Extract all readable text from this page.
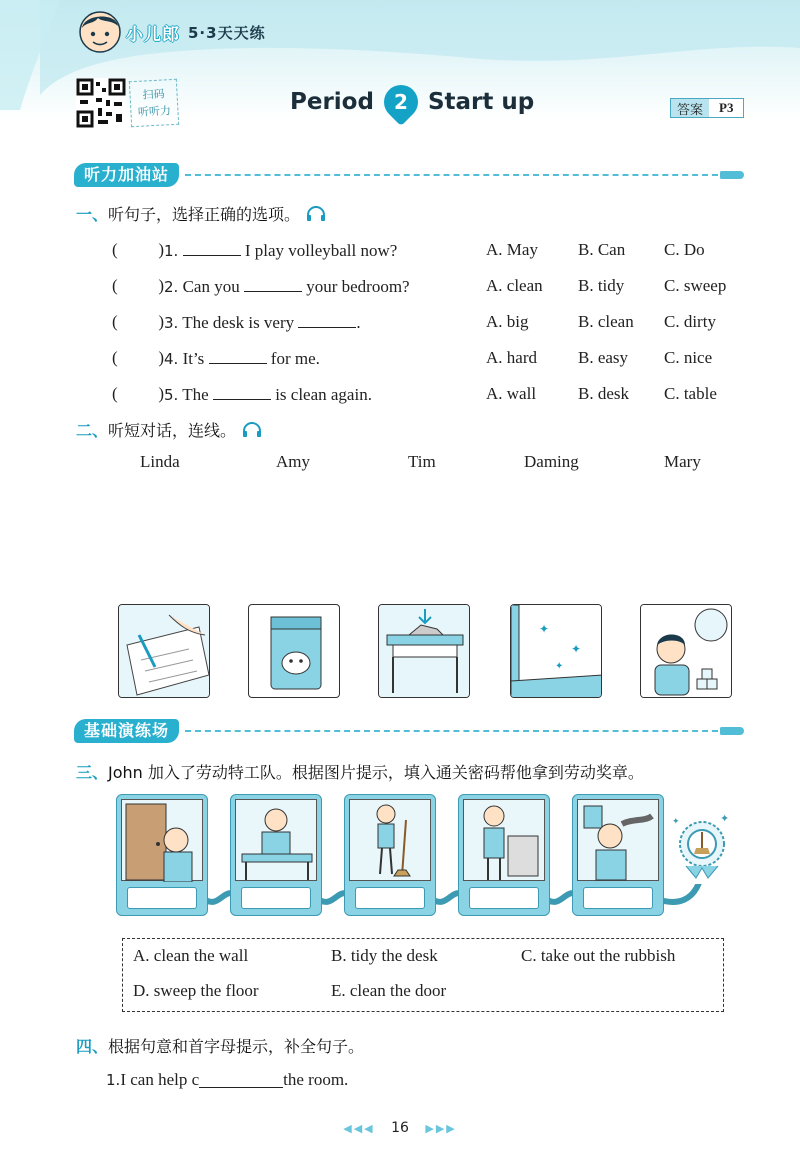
小儿郎 5·3天天练
扫码
听听力	Period 2 Start up	答案	P3
听力加油站
一、 听句子，选择正确的选项。
( ) 1.	I play volleyball now?	A. May B. Can C. Do
( ) 2. Can you	your bedroom?	A. clean B. tidy C. sweep
( ) 3. The desk is very	.	A. big	B. clean C. dirty
( ) 4. It’s	for me.	A. hard B. easy C. nice
( ) 5. The	is clean again.	A. wall B. desk C. table
二、 听短对话，连线。
Linda	Amy	Tim	Daming	Mary
✦
✦
✦
基础演练场
三、 John 加入了劳动特工队。根据图片提示，填入通关密码帮他拿到劳动奖章。
✦
✦
A. clean the wall	B. tidy the desk	C. take out the rubbish
D. sweep the floor	E. clean the door
四、 根据句意和首字母提示，补全句子。
1. I can help c	the room.
◀◀◀ 16 ▶▶▶
